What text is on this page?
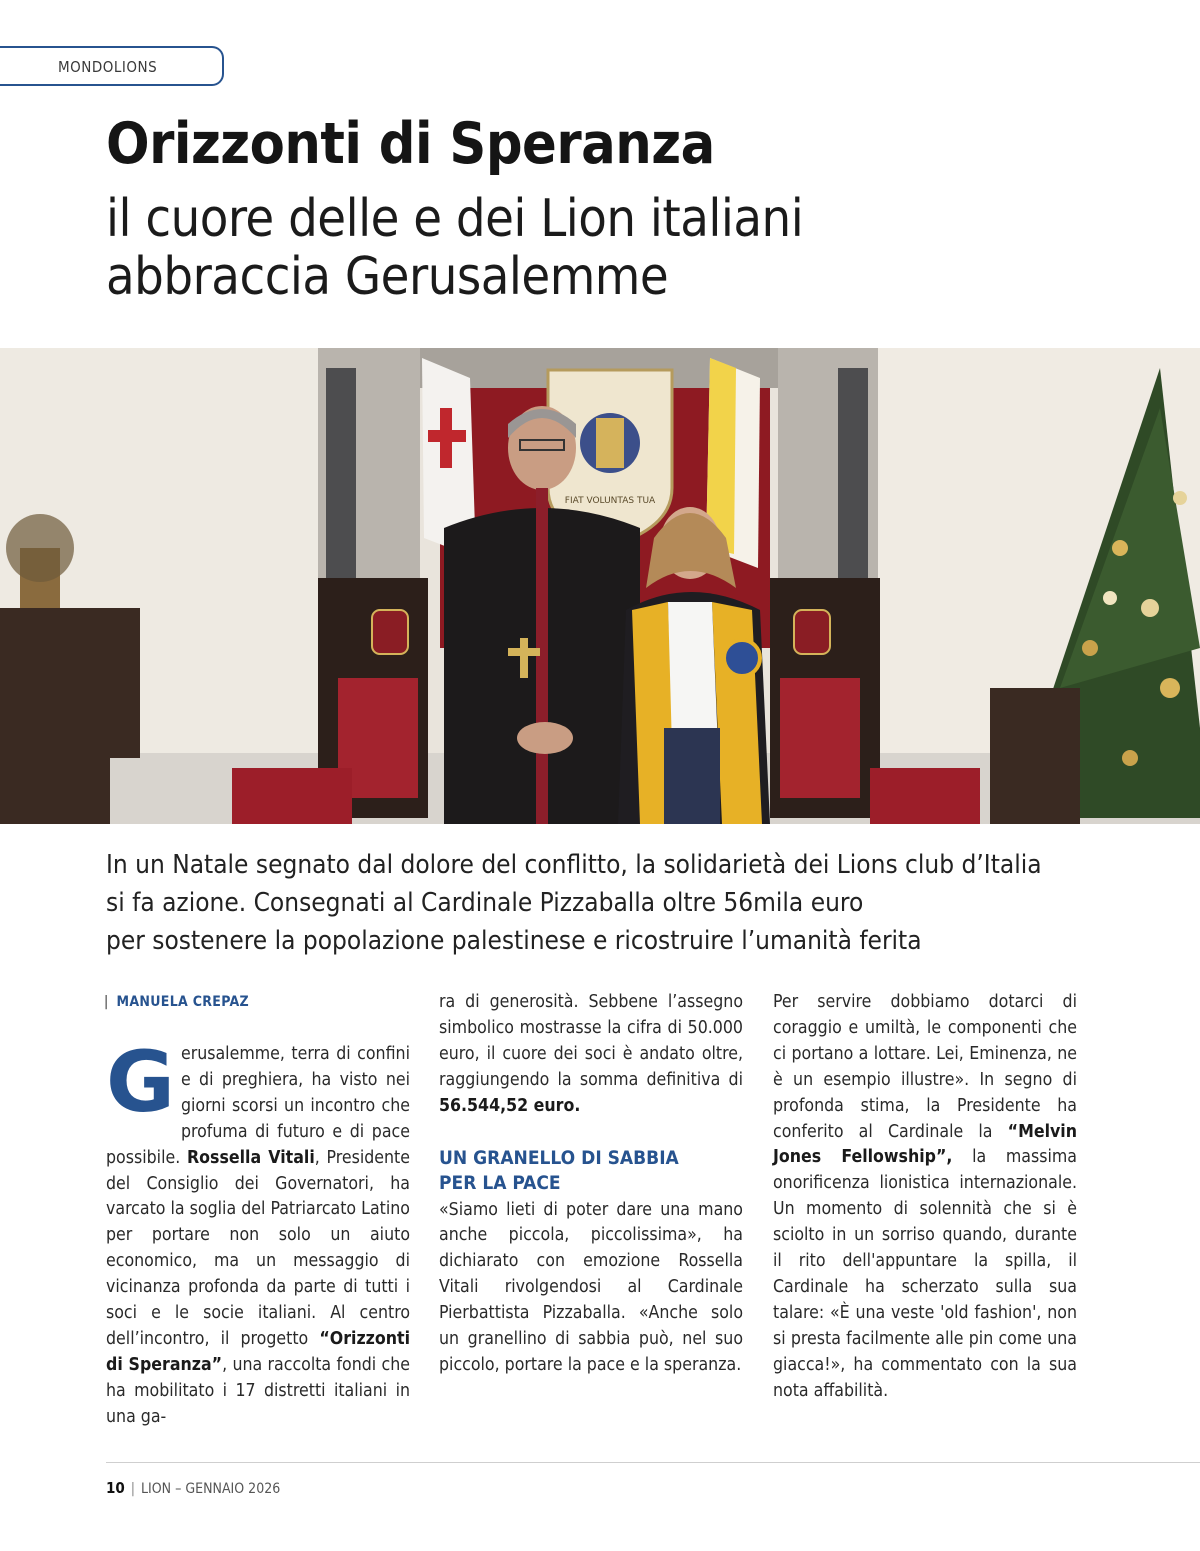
MONDOLIONS
Orizzonti di Speranza
il cuore delle e dei Lion italiani
abbraccia Gerusalemme
FIAT VOLUNTAS TUA

In un Natale segnato dal dolore del conflitto, la solidarietà dei Lions club d’Italia
si fa azione. Consegnati al Cardinale Pizzaballa oltre 56mila euro
per sostenere la popolazione palestinese e ricostruire l’umanità ferita

| MANUELA CREPAZ

Gerusalemme, terra di confini e di preghiera, ha visto nei giorni scorsi un incontro che profuma di futuro e di pace possibile. Rossella Vitali, Presidente del Consiglio dei Governatori, ha varcato la soglia del Patriarcato Latino per portare non solo un aiuto economico, ma un messaggio di vicinanza profonda da parte di tutti i soci e le socie italiani. Al centro dell’incontro, il progetto “Orizzonti di Speranza”, una raccolta fondi che ha mobilitato i 17 distretti italiani in una ga-

ra di generosità. Sebbene l’assegno simbolico mostrasse la cifra di 50.000 euro, il cuore dei soci è andato oltre, raggiungendo la somma definitiva di 56.544,52 euro.

UN GRANELLO DI SABBIA
PER LA PACE

«Siamo lieti di poter dare una mano anche piccola, piccolissima», ha dichiarato con emozione Rossella Vitali rivolgendosi al Cardinale Pierbattista Pizzaballa. «Anche solo un granellino di sabbia può, nel suo piccolo, portare la pace e la speranza.

Per servire dobbiamo dotarci di coraggio e umiltà, le componenti che ci portano a lottare. Lei, Eminenza, ne è un esempio illustre». In segno di profonda stima, la Presidente ha conferito al Cardinale la “Melvin Jones Fellowship”, la massima onorificenza lionistica internazionale. Un momento di solennità che si è sciolto in un sorriso quando, durante il rito dell'appuntare la spilla, il Cardinale ha scherzato sulla sua talare: «È una veste 'old fashion', non si presta facilmente alle pin come una giacca!», ha commentato con la sua nota affabilità.

10 | LION – GENNAIO 2026
